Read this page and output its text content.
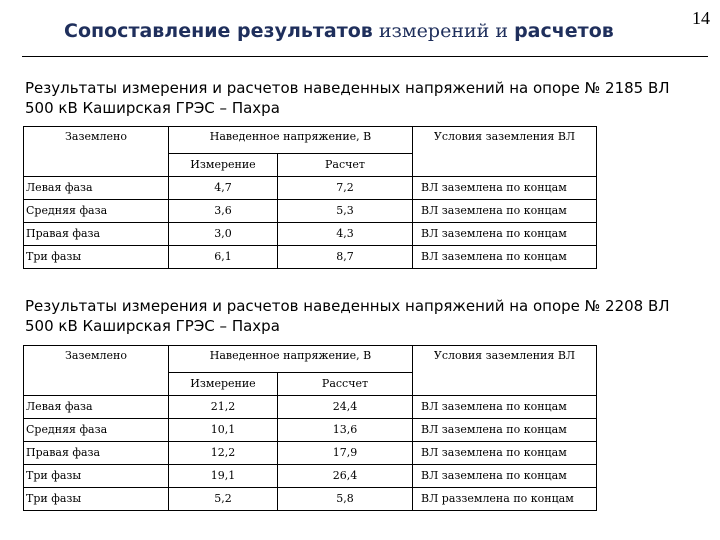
Сопоставление результатов измерений и расчетов
14
Результаты измерения и расчетов наведенных напряжений на опоре № 2185 ВЛ
500 кВ Каширская ГРЭС – Пахра
Заземлено	Наведенное напряжение, В		Условия заземления ВЛ
	Измерение	Расчет	
Левая фаза	4,7	7,2	ВЛ заземлена по концам
Средняя фаза	3,6	5,3	ВЛ заземлена по концам
Правая фаза	3,0	4,3	ВЛ заземлена по концам
Три фазы	6,1	8,7	ВЛ заземлена по концам
Результаты измерения и расчетов наведенных напряжений на опоре № 2208 ВЛ
500 кВ Каширская ГРЭС – Пахра
Заземлено	Наведенное напряжение, В		Условия заземления ВЛ
	Измерение	Рассчет	
Левая фаза	21,2	24,4	ВЛ заземлена по концам
Средняя фаза	10,1	13,6	ВЛ заземлена по концам
Правая фаза	12,2	17,9	ВЛ заземлена по концам
Три фазы	19,1	26,4	ВЛ заземлена по концам
Три фазы	5,2	5,8	ВЛ разземлена по концам
